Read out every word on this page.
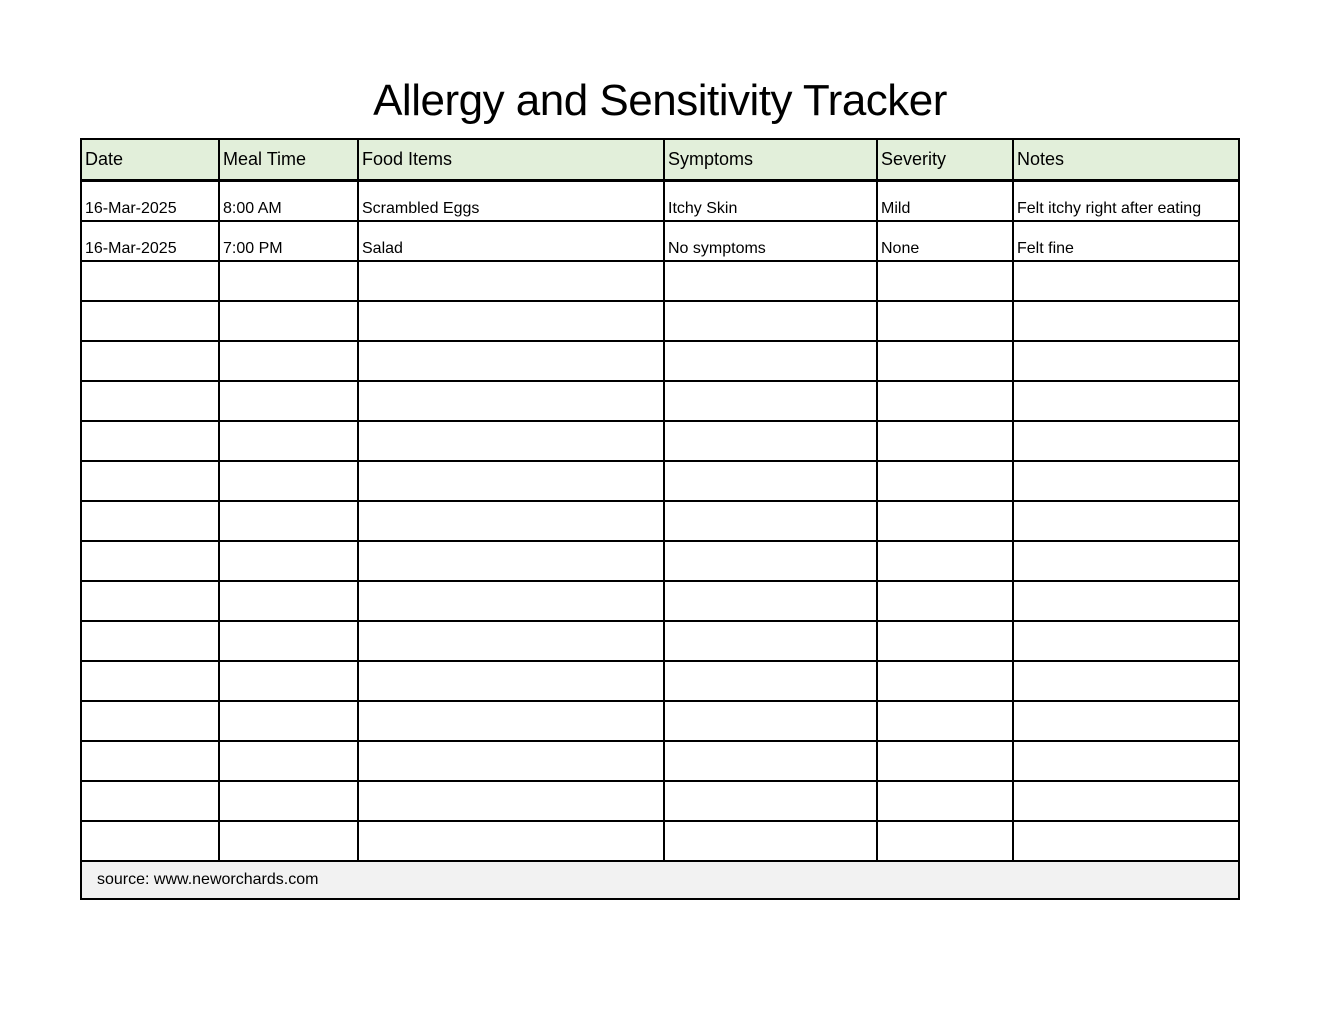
Allergy and Sensitivity Tracker
Date	Meal Time	Food Items	Symptoms	Severity	Notes
16-Mar-2025	8:00 AM	Scrambled Eggs	Itchy Skin	Mild	Felt itchy right after eating
16-Mar-2025	7:00 PM	Salad	No symptoms	None	Felt fine

source: www.neworchards.com					
